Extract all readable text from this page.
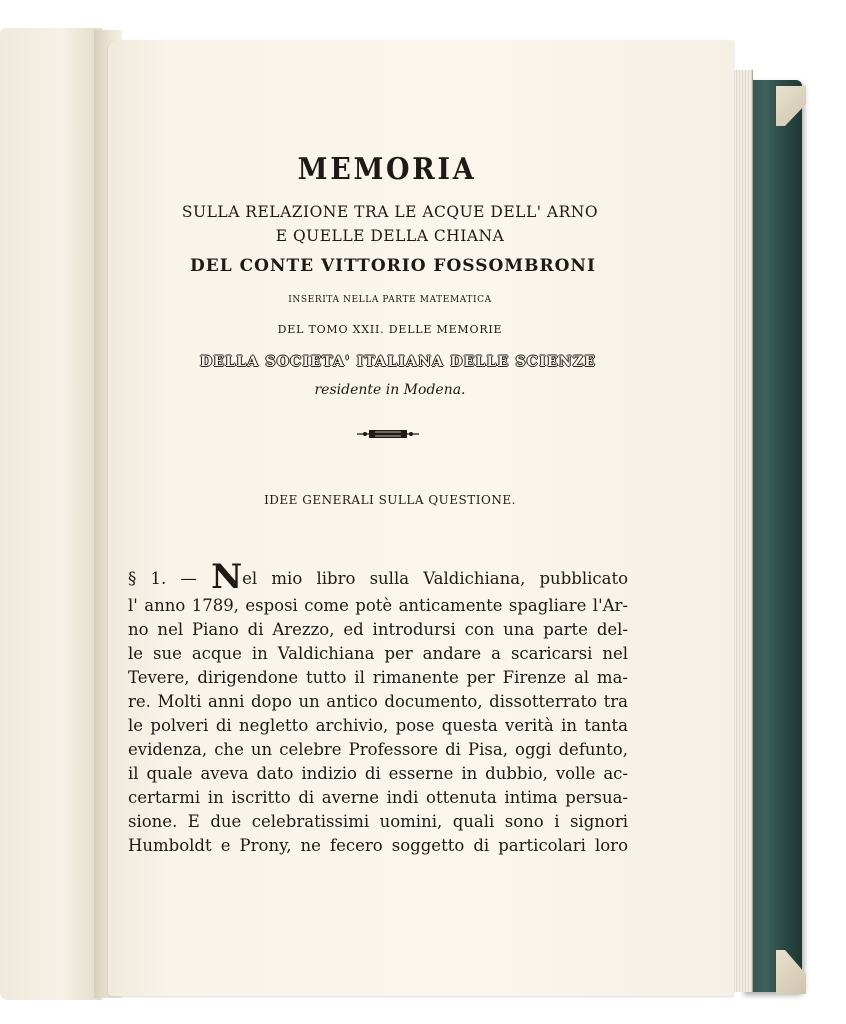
MEMORIA
SULLA RELAZIONE TRA LE ACQUE DELL' ARNO
E QUELLE DELLA CHIANA
DEL CONTE VITTORIO FOSSOMBRONI
INSERITA NELLA PARTE MATEMATICA
DEL TOMO XXII. DELLE MEMORIE
DELLA SOCIETA' ITALIANA DELLE SCIENZE
residente in Modena.
IDEE GENERALI SULLA QUESTIONE.
§ 1. — Nel mio libro sulla Valdichiana, pubblicato
l' anno 1789, esposi come potè anticamente spagliare l'Ar-
no nel Piano di Arezzo, ed introdursi con una parte del-
le sue acque in Valdichiana per andare a scaricarsi nel
Tevere, dirigendone tutto il rimanente per Firenze al ma-
re. Molti anni dopo un antico documento, dissotterrato tra
le polveri di negletto archivio, pose questa verità in tanta
evidenza, che un celebre Professore di Pisa, oggi defunto,
il quale aveva dato indizio di esserne in dubbio, volle ac-
certarmi in iscritto di averne indi ottenuta intima persua-
sione. E due celebratissimi uomini, quali sono i signori
Humboldt e Prony, ne fecero soggetto di particolari loro
